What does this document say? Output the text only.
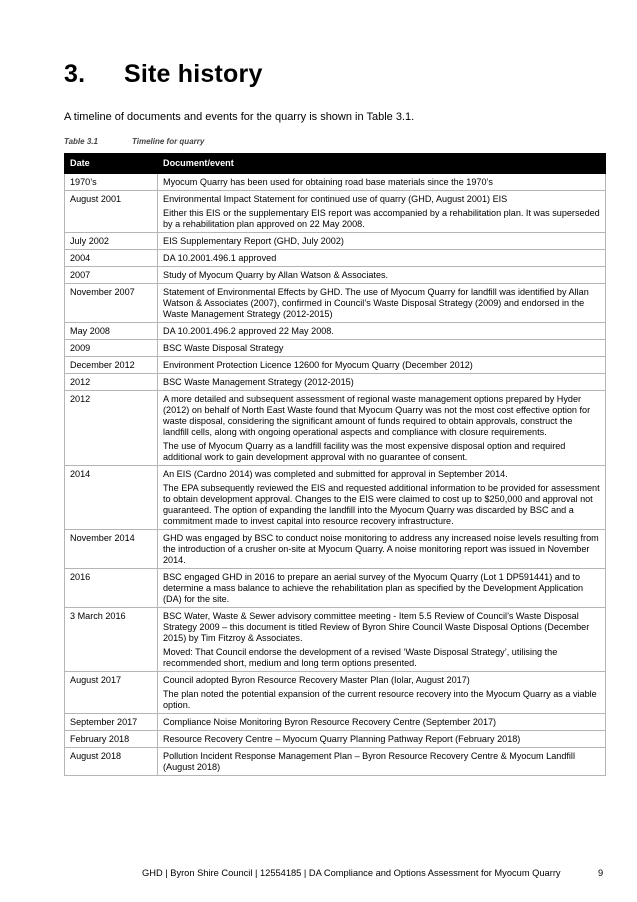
3. Site history
A timeline of documents and events for the quarry is shown in Table 3.1.
Table 3.1	Timeline for quarry
Date	Document/event
1970’s	Myocum Quarry has been used for obtaining road base materials since the 1970’s

August 2001	Environmental Impact Statement for continued use of quarry (GHD, August 2001) EIS

Either this EIS or the supplementary EIS report was accompanied by a rehabilitation plan. It was superseded by a rehabilitation plan approved on 22 May 2008.

July 2002	EIS Supplementary Report (GHD, July 2002)

2004	DA 10.2001.496.1 approved

2007	Study of Myocum Quarry by Allan Watson & Associates.

November 2007	Statement of Environmental Effects by GHD. The use of Myocum Quarry for landfill was identified by Allan Watson & Associates (2007), confirmed in Council’s Waste Disposal Strategy (2009) and endorsed in the Waste Management Strategy (2012-2015)

May 2008	DA 10.2001.496.2 approved 22 May 2008.

2009	BSC Waste Disposal Strategy

December 2012	Environment Protection Licence 12600 for Myocum Quarry (December 2012)

2012	BSC Waste Management Strategy (2012-2015)

2012	A more detailed and subsequent assessment of regional waste management options prepared by Hyder (2012) on behalf of North East Waste found that Myocum Quarry was not the most cost effective option for waste disposal, considering the significant amount of funds required to obtain approvals, construct the landfill cells, along with ongoing operational aspects and compliance with closure requirements.

The use of Myocum Quarry as a landfill facility was the most expensive disposal option and required additional work to gain development approval with no guarantee of consent.

2014	An EIS (Cardno 2014) was completed and submitted for approval in September 2014.

The EPA subsequently reviewed the EIS and requested additional information to be provided for assessment to obtain development approval. Changes to the EIS were claimed to cost up to $250,000 and approval not guaranteed. The option of expanding the landfill into the Myocum Quarry was discarded by BSC and a commitment made to invest capital into resource recovery infrastructure.

November 2014	GHD was engaged by BSC to conduct noise monitoring to address any increased noise levels resulting from the introduction of a crusher on-site at Myocum Quarry. A noise monitoring report was issued in November 2014.

2016	BSC engaged GHD in 2016 to prepare an aerial survey of the Myocum Quarry (Lot 1 DP591441) and to determine a mass balance to achieve the rehabilitation plan as specified by the Development Application (DA) for the site.

3 March 2016	BSC Water, Waste & Sewer advisory committee meeting - Item 5.5 Review of Council’s Waste Disposal Strategy 2009 – this document is titled Review of Byron Shire Council Waste Disposal Options (December 2015) by Tim Fitzroy & Associates.

Moved: That Council endorse the development of a revised ‘Waste Disposal Strategy’, utilising the recommended short, medium and long term options presented.

August 2017	Council adopted Byron Resource Recovery Master Plan (Iolar, August 2017)

The plan noted the potential expansion of the current resource recovery into the Myocum Quarry as a viable option.

September 2017	Compliance Noise Monitoring Byron Resource Recovery Centre (September 2017)

February 2018	Resource Recovery Centre – Myocum Quarry Planning Pathway Report (February 2018)

August 2018	Pollution Incident Response Management Plan – Byron Resource Recovery Centre & Myocum Landfill (August 2018)

GHD | Byron Shire Council | 12554185 | DA Compliance and Options Assessment for Myocum Quarry	9
